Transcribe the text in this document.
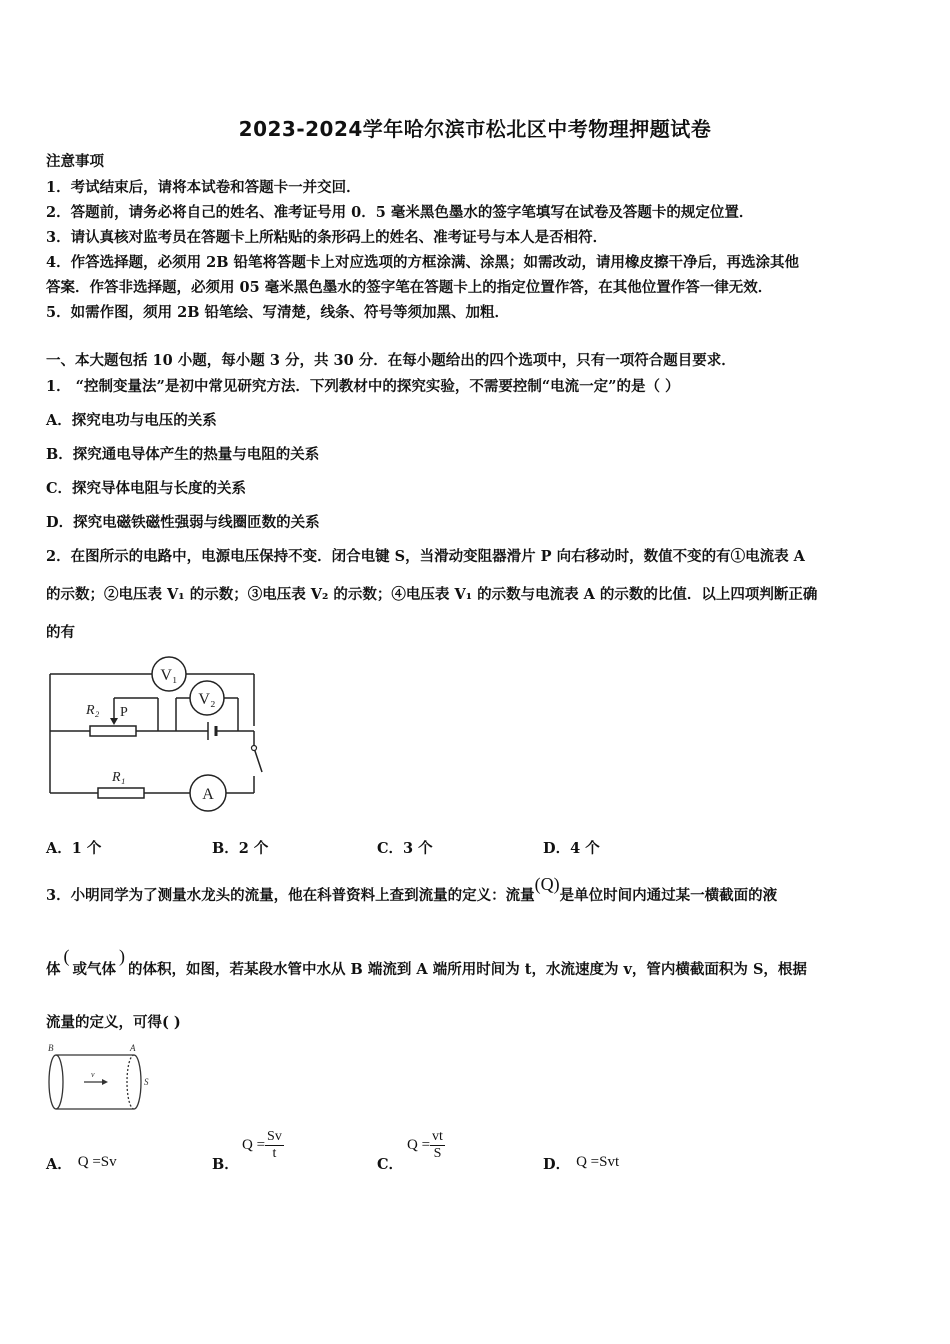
2023-2024学年哈尔滨市松北区中考物理押题试卷
注意事项
1．考试结束后，请将本试卷和答题卡一并交回．
2．答题前，请务必将自己的姓名、准考证号用 0．5 毫米黑色墨水的签字笔填写在试卷及答题卡的规定位置．
3．请认真核对监考员在答题卡上所粘贴的条形码上的姓名、准考证号与本人是否相符．
4．作答选择题，必须用 2B 铅笔将答题卡上对应选项的方框涂满、涂黑；如需改动，请用橡皮擦干净后，再选涂其他
答案．作答非选择题，必须用 05 毫米黑色墨水的签字笔在答题卡上的指定位置作答，在其他位置作答一律无效．
5．如需作图，须用 2B 铅笔绘、写清楚，线条、符号等须加黑、加粗．
一、本大题包括 10 小题，每小题 3 分，共 30 分．在每小题给出的四个选项中，只有一项符合题目要求．
1． “控制变量法”是初中常见研究方法．下列教材中的探究实验，不需要控制“电流一定”的是（ ）
A．探究电功与电压的关系
B．探究通电导体产生的热量与电阻的关系
C．探究导体电阻与长度的关系
D．探究电磁铁磁性强弱与线圈匝数的关系
2．在图所示的电路中，电源电压保持不变．闭合电键 S，当滑动变阻器滑片 P 向右移动时，数值不变的有①电流表 A
的示数；②电压表 V₁ 的示数；③电压表 V₂ 的示数；④电压表 V₁ 的示数与电流表 A 的示数的比值．以上四项判断正确
的有
V₁
V₂
A
R₂ P
R₁
A．1 个	B．2 个	C．3 个	D．4 个
3．小明同学为了测量水龙头的流量，他在科普资料上查到流量的定义：流量(Q)是单位时间内通过某一横截面的液
体(或气体)的体积，如图，若某段水管中水从 B 端流到 A 端所用时间为 t，水流速度为 v，管内横截面积为 S，根据
流量的定义，可得( )
B	A
v
S
A． Q =Sv	B．
$Q = \frac{Sv}{t}$
C．
$Q = \frac{vt}{S}$
D． Q =Svt
